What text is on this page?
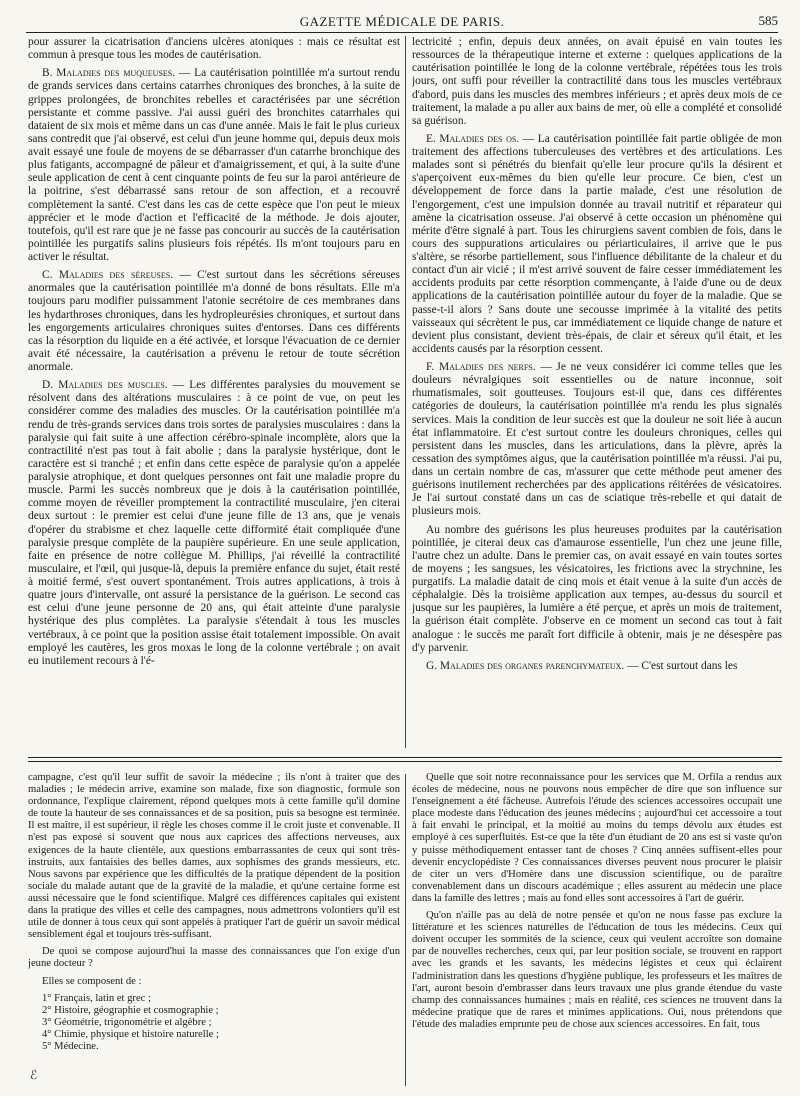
GAZETTE MÉDICALE DE PARIS.	585

pour assurer la cicatrisation d'anciens ulcères atoniques : mais ce résultat est commun à presque tous les modes de cautérisation.

B. Maladies des muqueuses. — La cautérisation pointillée m'a surtout rendu de grands services dans certains catarrhes chroniques des bronches, à la suite de grippes prolongées, de bronchites rebelles et caractérisées par une sécrétion persistante et comme passive. J'ai aussi guéri des bronchites catarrhales qui dataient de six mois et même dans un cas d'une année. Mais le fait le plus curieux sans contredit que j'ai observé, est celui d'un jeune homme qui, depuis deux mois avait essayé une foule de moyens de se débarrasser d'un catarrhe bronchique des plus fatigants, accompagné de pâleur et d'amaigrissement, et qui, à la suite d'une seule application de cent à cent cinquante points de feu sur la paroi antérieure de la poitrine, s'est débarrassé sans retour de son affection, et a recouvré complètement la santé. C'est dans les cas de cette espèce que l'on peut le mieux apprécier et le mode d'action et l'efficacité de la méthode. Je dois ajouter, toutefois, qu'il est rare que je ne fasse pas concourir au succès de la cautérisation pointillée les purgatifs salins plusieurs fois répétés. Ils m'ont toujours paru en activer le résultat.

C. Maladies des séreuses. — C'est surtout dans les sécrétions séreuses anormales que la cautérisation pointillée m'a donné de bons résultats. Elle m'a toujours paru modifier puissamment l'atonie secrétoire de ces membranes dans les hydarthroses chroniques, dans les hydropleurésies chroniques, et surtout dans les engorgements articulaires chroniques suites d'entorses. Dans ces différents cas la résorption du liquide en a été activée, et lorsque l'évacuation de ce dernier avait été nécessaire, la cautérisation a prévenu le retour de toute sécrétion anormale.

D. Maladies des muscles. — Les différentes paralysies du mouvement se résolvent dans des altérations musculaires : à ce point de vue, on peut les considérer comme des maladies des muscles. Or la cautérisation pointillée m'a rendu de très-grands services dans trois sortes de paralysies musculaires : dans la paralysie qui fait suite à une affection cérébro-spinale incomplète, alors que la contractilité n'est pas tout à fait abolie ; dans la paralysie hystérique, dont le caractère est si tranché ; et enfin dans cette espèce de paralysie qu'on a appelée paralysie atrophique, et dont quelques personnes ont fait une maladie propre du muscle. Parmi les succès nombreux que je dois à la cautérisation pointillée, comme moyen de réveiller promptement la contractilité musculaire, j'en citerai deux surtout : le premier est celui d'une jeune fille de 13 ans, que je venais d'opérer du strabisme et chez laquelle cette difformité était compliquée d'une paralysie presque complète de la paupière supérieure. En une seule application, faite en présence de notre collègue M. Phillips, j'ai réveillé la contractilité musculaire, et l'œil, qui jusque-là, depuis la première enfance du sujet, était resté à moitié fermé, s'est ouvert spontanément. Trois autres applications, à trois à quatre jours d'intervalle, ont assuré la persistance de la guérison. Le second cas est celui d'une jeune personne de 20 ans, qui était atteinte d'une paralysie hystérique des plus complètes. La paralysie s'étendait à tous les muscles vertébraux, à ce point que la position assise était totalement impossible. On avait employé les cautères, les gros moxas le long de la colonne vertébrale ; on avait eu inutilement recours à l'é-

lectricité ; enfin, depuis deux années, on avait épuisé en vain toutes les ressources de la thérapeutique interne et externe : quelques applications de la cautérisation pointillée le long de la colonne vertébrale, répétées tous les trois jours, ont suffi pour réveiller la contractilité dans tous les muscles vertébraux d'abord, puis dans les muscles des membres inférieurs ; et après deux mois de ce traitement, la malade a pu aller aux bains de mer, où elle a complété et consolidé sa guérison.

E. Maladies des os. — La cautérisation pointillée fait partie obligée de mon traitement des affections tuberculeuses des vertèbres et des articulations. Les malades sont si pénétrés du bienfait qu'elle leur procure qu'ils la désirent et s'aperçoivent eux-mêmes du bien qu'elle leur procure. Ce bien, c'est un développement de force dans la partie malade, c'est une résolution de l'engorgement, c'est une impulsion donnée au travail nutritif et réparateur qui amène la cicatrisation osseuse. J'ai observé à cette occasion un phénomène qui mérite d'être signalé à part. Tous les chirurgiens savent combien de fois, dans le cours des suppurations articulaires ou périarticulaires, il arrive que le pus s'altère, se résorbe partiellement, sous l'influence débilitante de la chaleur et du contact d'un air vicié ; il m'est arrivé souvent de faire cesser immédiatement les accidents produits par cette résorption commençante, à l'aide d'une ou de deux applications de la cautérisation pointillée autour du foyer de la maladie. Que se passe-t-il alors ? Sans doute une secousse imprimée à la vitalité des petits vaisseaux qui sécrètent le pus, car immédiatement ce liquide change de nature et devient plus consistant, devient très-épais, de clair et séreux qu'il était, et les accidents causés par la résorption cessent.

F. Maladies des nerfs. — Je ne veux considérer ici comme telles que les douleurs névralgiques soit essentielles ou de nature inconnue, soit rhumatismales, soit goutteuses. Toujours est-il que, dans ces différentes catégories de douleurs, la cautérisation pointillée m'a rendu les plus signalés services. Mais la condition de leur succès est que la douleur ne soit liée à aucun état inflammatoire. Et c'est surtout contre les douleurs chroniques, celles qui persistent dans les muscles, dans les articulations, dans la plèvre, après la cessation des symptômes aigus, que la cautérisation pointillée m'a réussi. J'ai pu, dans un certain nombre de cas, m'assurer que cette méthode peut amener des guérisons inutilement recherchées par des applications réitérées de vésicatoires. Je l'ai surtout constaté dans un cas de sciatique très-rebelle et qui datait de plusieurs mois.

Au nombre des guérisons les plus heureuses produites par la cautérisation pointillée, je citerai deux cas d'amaurose essentielle, l'un chez une jeune fille, l'autre chez un adulte. Dans le premier cas, on avait essayé en vain toutes sortes de moyens ; les sangsues, les vésicatoires, les frictions avec la strychnine, les purgatifs. La maladie datait de cinq mois et était venue à la suite d'un accès de céphalalgie. Dès la troisième application aux tempes, au-dessus du sourcil et jusque sur les paupières, la lumière a été perçue, et après un mois de traitement, la guérison était complète. J'observe en ce moment un second cas tout à fait analogue : le succès me paraît fort difficile à obtenir, mais je ne désespère pas d'y parvenir.

G. Maladies des organes parenchymateux. — C'est surtout dans les

campagne, c'est qu'il leur suffit de savoir la médecine ; ils n'ont à traiter que des maladies ; le médecin arrive, examine son malade, fixe son diagnostic, formule son ordonnance, l'explique clairement, répond quelques mots à cette famille qu'il domine de toute la hauteur de ses connaissances et de sa position, puis sa besogne est terminée. Il est maître, il est supérieur, il règle les choses comme il le croit juste et convenable. Il n'est pas exposé si souvent que nous aux caprices des affections nerveuses, aux exigences de la haute clientèle, aux questions embarrassantes de ceux qui sont très-instruits, aux fantaisies des belles dames, aux sophismes des grands messieurs, etc. Nous savons par expérience que les difficultés de la pratique dépendent de la position sociale du malade autant que de la gravité de la maladie, et qu'une certaine forme est aussi nécessaire que le fond scientifique. Malgré ces différences capitales qui existent dans la pratique des villes et celle des campagnes, nous admettrons volontiers qu'il est utile de donner à tous ceux qui sont appelés à pratiquer l'art de guérir un savoir médical sensiblement égal et toujours très-suffisant.

De quoi se compose aujourd'hui la masse des connaissances que l'on exige d'un jeune docteur ?

Elles se composent de :

1° Français, latin et grec ;
2° Histoire, géographie et cosmographie ;
3° Géométrie, trigonométrie et algèbre ;
4° Chimie, physique et histoire naturelle ;
5° Médecine.

Quelle que soit notre reconnaissance pour les services que M. Orfila a rendus aux écoles de médecine, nous ne pouvons nous empêcher de dire que son influence sur l'enseignement a été fâcheuse. Autrefois l'étude des sciences accessoires occupait une place modeste dans l'éducation des jeunes médecins ; aujourd'hui cet accessoire a tout à fait envahi le principal, et la moitié au moins du temps dévolu aux études est employé à ces superfluités. Est-ce que la tête d'un étudiant de 20 ans est si vaste qu'on y puisse méthodiquement entasser tant de choses ? Cinq années suffisent-elles pour devenir encyclopédiste ? Ces connaissances diverses peuvent nous procurer le plaisir de citer un vers d'Homère dans une discussion scientifique, ou de paraître convenablement dans un discours académique ; elles assurent au médecin une place dans la famille des lettres ; mais au fond elles sont accessoires à l'art de guérir.

Qu'on n'aille pas au delà de notre pensée et qu'on ne nous fasse pas exclure la littérature et les sciences naturelles de l'éducation de tous les médecins. Ceux qui doivent occuper les sommités de la science, ceux qui veulent accroître son domaine par de nouvelles recherches, ceux qui, par leur position sociale, se trouvent en rapport avec les grands et les savants, les médecins légistes et ceux qui éclairent l'administration dans les questions d'hygiène publique, les professeurs et les maîtres de l'art, auront besoin d'embrasser dans leurs travaux une plus grande étendue du vaste champ des connaissances humaines ; mais en réalité, ces sciences ne trouvent dans la médecine pratique que de rares et minimes applications. Oui, nous prétendons que l'étude des maladies emprunte peu de chose aux sciences accessoires. En fait, tous

ℰ
